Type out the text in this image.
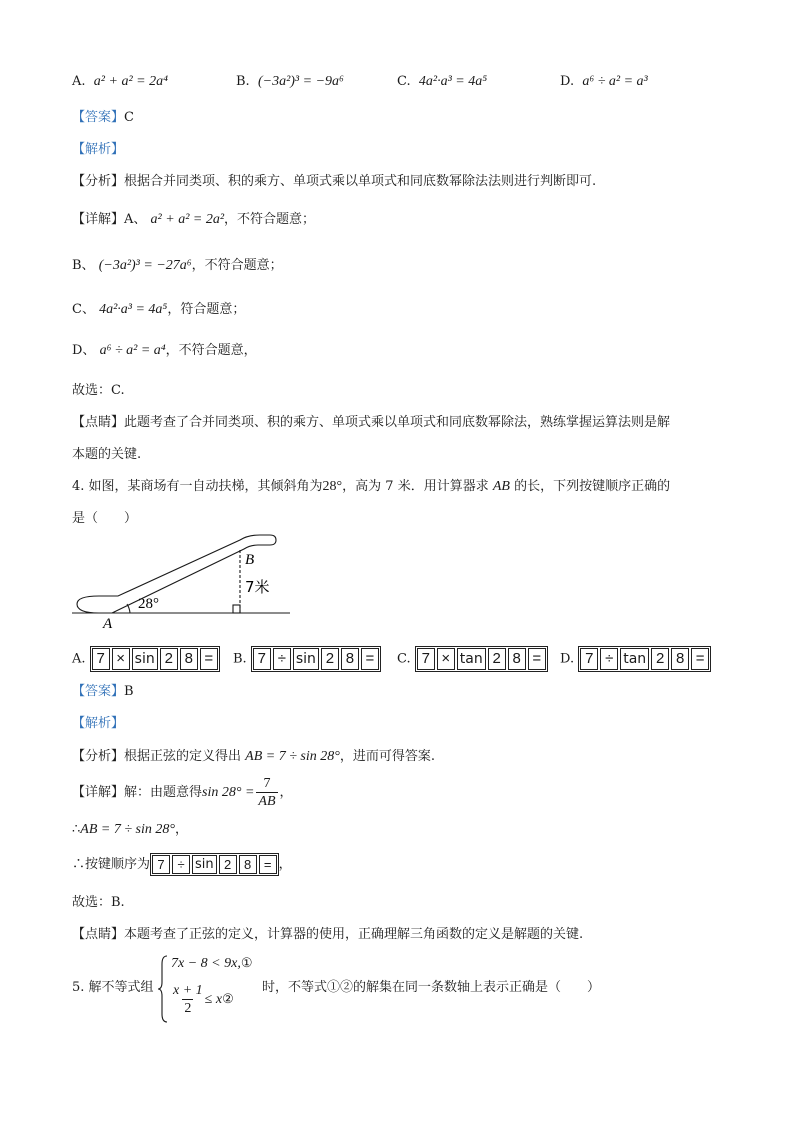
A. a² + a² = 2a⁴	B. (−3a²)³ = −9a⁶	C. 4a²·a³ = 4a⁵	D. a⁶ ÷ a² = a³
【答案】C
【解析】
【分析】根据合并同类项、积的乘方、单项式乘以单项式和同底数幂除法法则进行判断即可.
【详解】A、 a² + a² = 2a²，不符合题意；
B、 (−3a²)³ = −27a⁶，不符合题意；
C、 4a²·a³ = 4a⁵，符合题意；
D、 a⁶ ÷ a² = a⁴，不符合题意，
故选：C.
【点睛】此题考查了合并同类项、积的乘方、单项式乘以单项式和同底数幂除法，熟练掌握运算法则是解
本题的关键.
4. 如图，某商场有一自动扶梯，其倾斜角为28°，高为 7 米．用计算器求 AB 的长，下列按键顺序正确的
是（　　）
B
7米
28°
A
A. 7 × sin 2 8 =	B. 7 ÷ sin 2 8 =	C. 7 × tan 2 8 =	D. 7 ÷ tan 2 8 =
【答案】B
【解析】
【分析】根据正弦的定义得出 AB = 7 ÷ sin 28°，进而可得答案.
【详解】解：由题意得$\sin 28^\circ = \frac{7}{AB}$ ，
∴AB = 7 ÷ sin 28°，
∴按键顺序为 7 ÷ sin 2 8 = ，
故选：B.
【点睛】本题考查了正弦的定义，计算器的使用，正确理解三角函数的定义是解题的关键.
5. 解不等式组
7x − 8 < 9x,①
$\frac{x + 1}{2} \le x$ ②
时，不等式①②的解集在同一条数轴上表示正确是（　　）
